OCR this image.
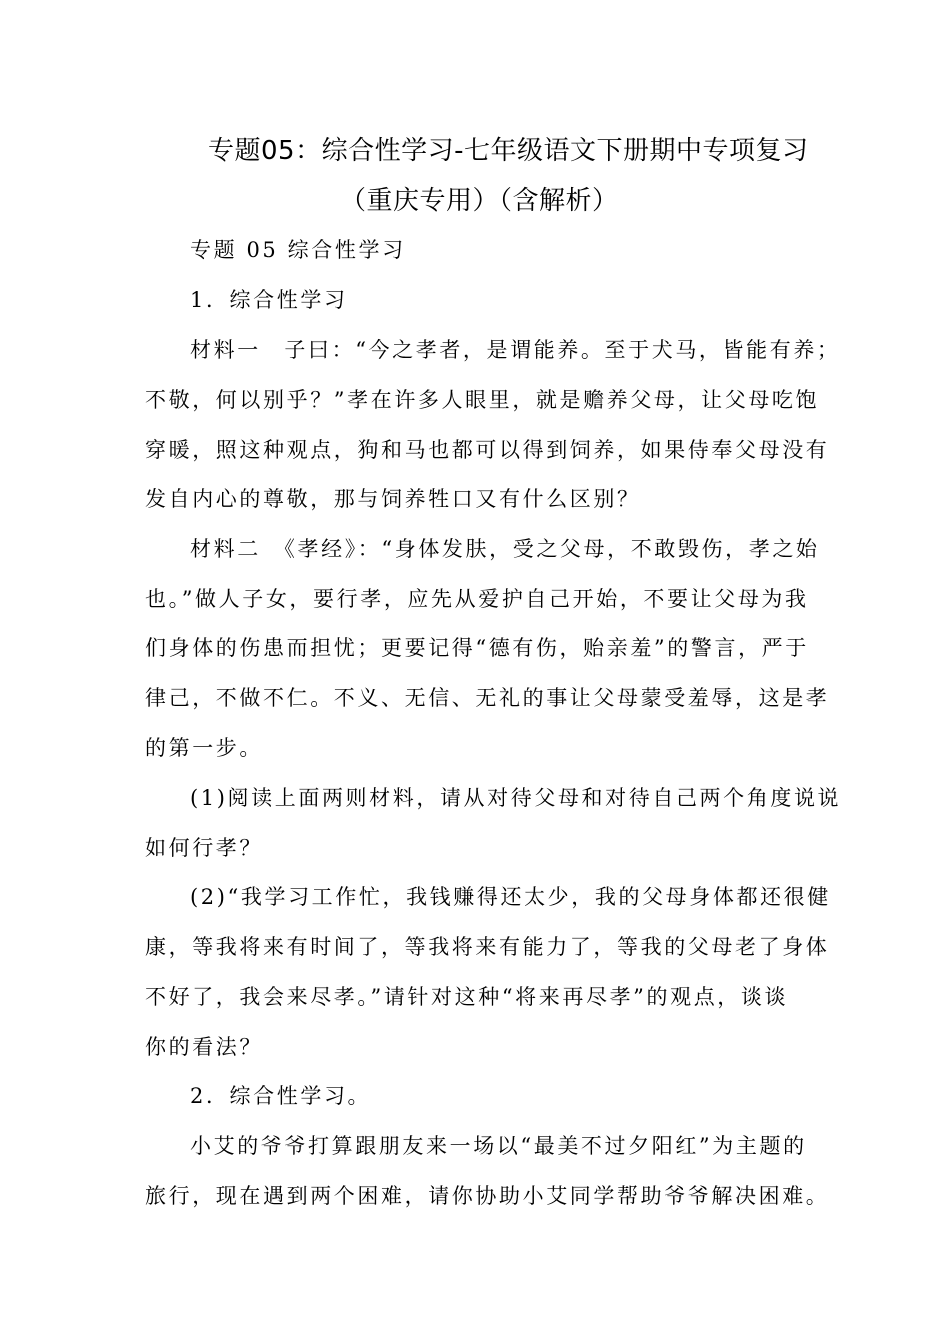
专题05：综合性学习-七年级语文下册期中专项复习
（重庆专用）（含解析）
专题 05 综合性学习
1．综合性学习
材料一　子曰：“今之孝者，是谓能养。至于犬马，皆能有养；
不敬，何以别乎？”孝在许多人眼里，就是赡养父母，让父母吃饱
穿暖，照这种观点，狗和马也都可以得到饲养，如果侍奉父母没有
发自内心的尊敬，那与饲养牲口又有什么区别？
材料二　《孝经》：“身体发肤，受之父母，不敢毁伤，孝之始
也。”做人子女，要行孝，应先从爱护自己开始，不要让父母为我
们身体的伤患而担忧；更要记得“德有伤，贻亲羞”的警言，严于
律己，不做不仁。不义、无信、无礼的事让父母蒙受羞辱，这是孝
的第一步。
(1)阅读上面两则材料，请从对待父母和对待自己两个角度说说
如何行孝？
(2)“我学习工作忙，我钱赚得还太少，我的父母身体都还很健
康，等我将来有时间了，等我将来有能力了，等我的父母老了身体
不好了，我会来尽孝。”请针对这种“将来再尽孝”的观点，谈谈
你的看法？
2．综合性学习。
小艾的爷爷打算跟朋友来一场以“最美不过夕阳红”为主题的
旅行，现在遇到两个困难，请你协助小艾同学帮助爷爷解决困难。
